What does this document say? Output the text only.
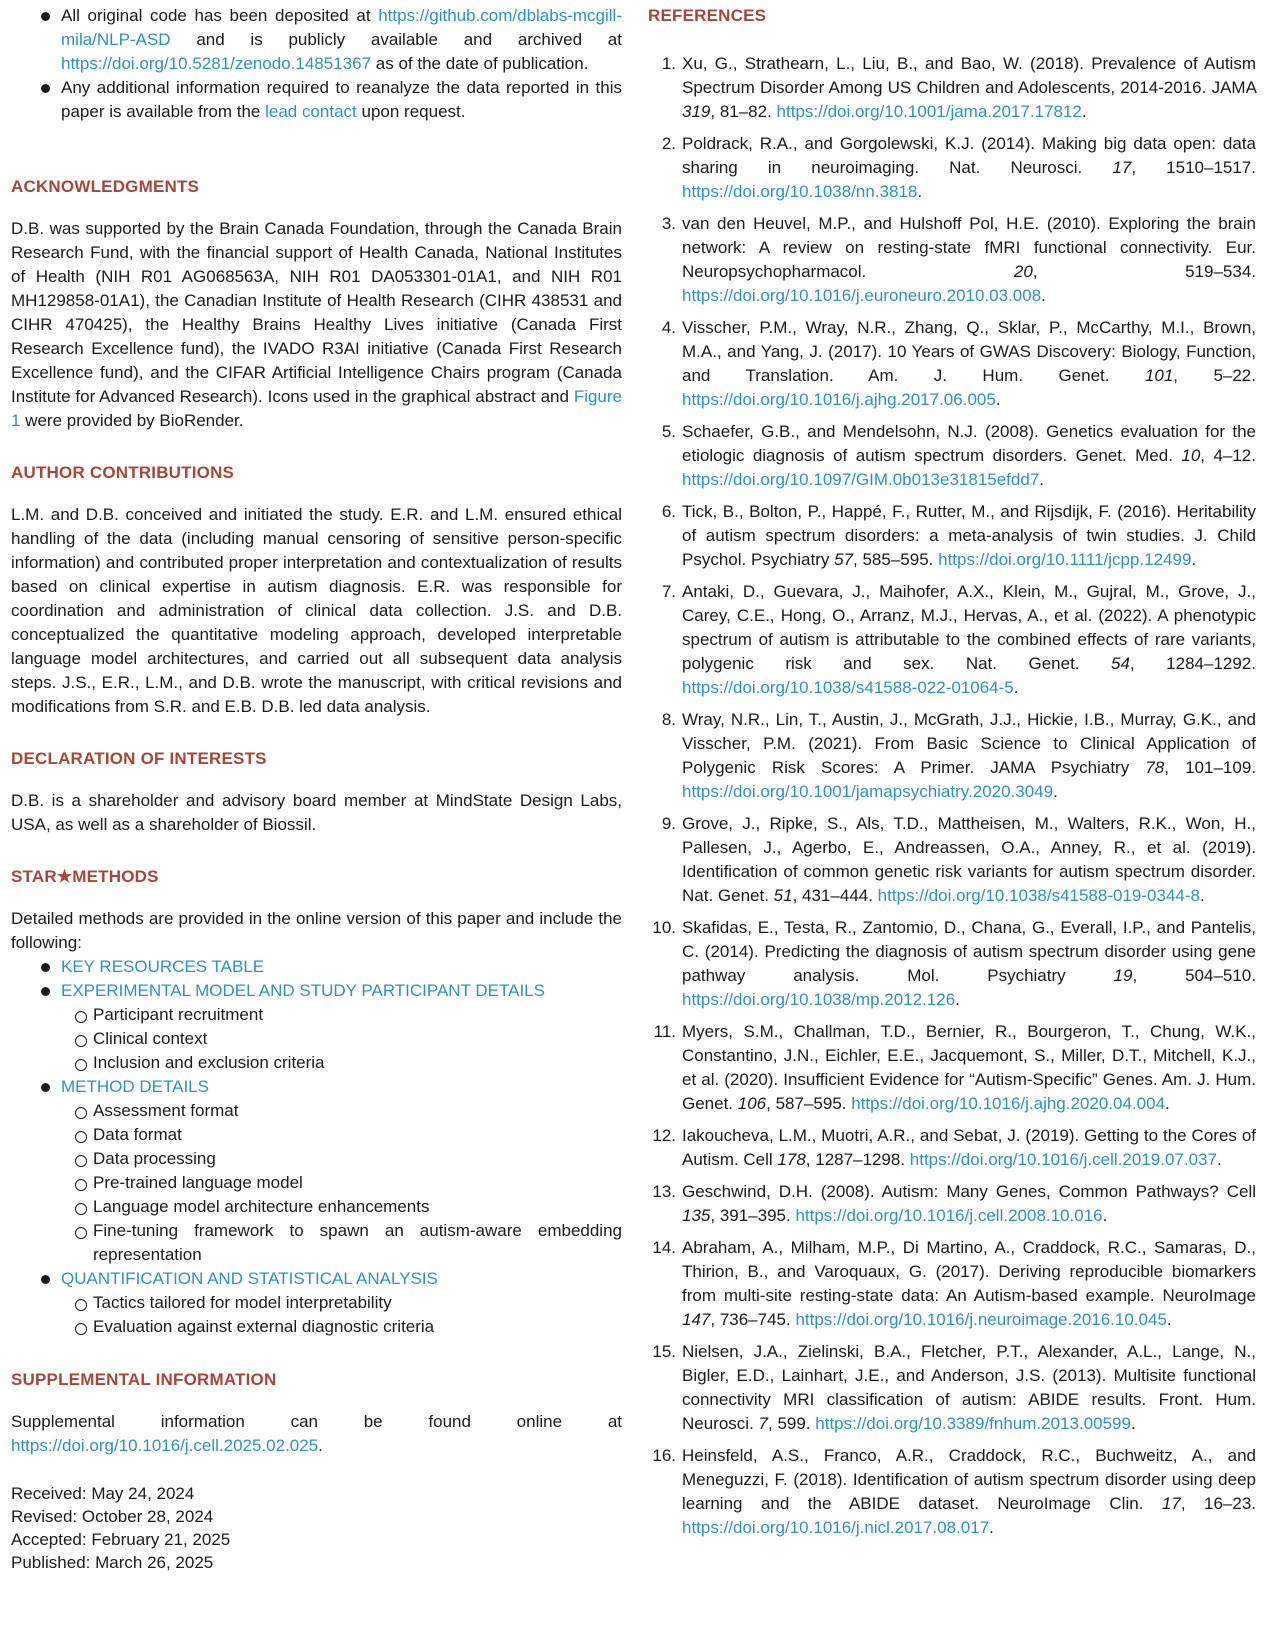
All original code has been deposited at https://github.com/dblabs-mcgill-mila/NLP-ASD and is publicly available and archived at https://doi.org/10.5281/zenodo.14851367 as of the date of publication.
Any additional information required to reanalyze the data reported in this paper is available from the lead contact upon request.
ACKNOWLEDGMENTS

D.B. was supported by the Brain Canada Foundation, through the Canada Brain Research Fund, with the financial support of Health Canada, National Institutes of Health (NIH R01 AG068563A, NIH R01 DA053301-01A1, and NIH R01 MH129858-01A1), the Canadian Institute of Health Research (CIHR 438531 and CIHR 470425), the Healthy Brains Healthy Lives initiative (Canada First Research Excellence fund), the IVADO R3AI initiative (Canada First Research Excellence fund), and the CIFAR Artificial Intelligence Chairs program (Canada Institute for Advanced Research). Icons used in the graphical abstract and Figure 1 were provided by BioRender.

AUTHOR CONTRIBUTIONS

L.M. and D.B. conceived and initiated the study. E.R. and L.M. ensured ethical handling of the data (including manual censoring of sensitive person-specific information) and contributed proper interpretation and contextualization of results based on clinical expertise in autism diagnosis. E.R. was responsible for coordination and administration of clinical data collection. J.S. and D.B. conceptualized the quantitative modeling approach, developed interpretable language model architectures, and carried out all subsequent data analysis steps. J.S., E.R., L.M., and D.B. wrote the manuscript, with critical revisions and modifications from S.R. and E.B. D.B. led data analysis.

DECLARATION OF INTERESTS

D.B. is a shareholder and advisory board member at MindState Design Labs, USA, as well as a shareholder of Biossil.

STAR★METHODS

Detailed methods are provided in the online version of this paper and include the following:

KEY RESOURCES TABLE
EXPERIMENTAL MODEL AND STUDY PARTICIPANT DETAILS
Participant recruitment
Clinical context
Inclusion and exclusion criteria
METHOD DETAILS
Assessment format
Data format
Data processing
Pre-trained language model
Language model architecture enhancements
Fine-tuning framework to spawn an autism-aware embedding representation
QUANTIFICATION AND STATISTICAL ANALYSIS
Tactics tailored for model interpretability
Evaluation against external diagnostic criteria
SUPPLEMENTAL INFORMATION

Supplemental information can be found online at https://doi.org/10.1016/j.cell.2025.02.025.

Received: May 24, 2024
Revised: October 28, 2024
Accepted: February 21, 2025
Published: March 26, 2025
REFERENCES
1. Xu, G., Strathearn, L., Liu, B., and Bao, W. (2018). Prevalence of Autism Spectrum Disorder Among US Children and Adolescents, 2014-2016. JAMA 319, 81–82. https://doi.org/10.1001/jama.2017.17812.
2. Poldrack, R.A., and Gorgolewski, K.J. (2014). Making big data open: data sharing in neuroimaging. Nat. Neurosci. 17, 1510–1517. https://doi.org/10.1038/nn.3818.
3. van den Heuvel, M.P., and Hulshoff Pol, H.E. (2010). Exploring the brain network: A review on resting-state fMRI functional connectivity. Eur. Neuropsychopharmacol. 20, 519–534. https://doi.org/10.1016/j.euroneuro.2010.03.008.
4. Visscher, P.M., Wray, N.R., Zhang, Q., Sklar, P., McCarthy, M.I., Brown, M.A., and Yang, J. (2017). 10 Years of GWAS Discovery: Biology, Function, and Translation. Am. J. Hum. Genet. 101, 5–22. https://doi.org/10.1016/j.ajhg.2017.06.005.
5. Schaefer, G.B., and Mendelsohn, N.J. (2008). Genetics evaluation for the etiologic diagnosis of autism spectrum disorders. Genet. Med. 10, 4–12. https://doi.org/10.1097/GIM.0b013e31815efdd7.
6. Tick, B., Bolton, P., Happé, F., Rutter, M., and Rijsdijk, F. (2016). Heritability of autism spectrum disorders: a meta-analysis of twin studies. J. Child Psychol. Psychiatry 57, 585–595. https://doi.org/10.1111/jcpp.12499.
7. Antaki, D., Guevara, J., Maihofer, A.X., Klein, M., Gujral, M., Grove, J., Carey, C.E., Hong, O., Arranz, M.J., Hervas, A., et al. (2022). A phenotypic spectrum of autism is attributable to the combined effects of rare variants, polygenic risk and sex. Nat. Genet. 54, 1284–1292. https://doi.org/10.1038/s41588-022-01064-5.
8. Wray, N.R., Lin, T., Austin, J., McGrath, J.J., Hickie, I.B., Murray, G.K., and Visscher, P.M. (2021). From Basic Science to Clinical Application of Polygenic Risk Scores: A Primer. JAMA Psychiatry 78, 101–109. https://doi.org/10.1001/jamapsychiatry.2020.3049.
9. Grove, J., Ripke, S., Als, T.D., Mattheisen, M., Walters, R.K., Won, H., Pallesen, J., Agerbo, E., Andreassen, O.A., Anney, R., et al. (2019). Identification of common genetic risk variants for autism spectrum disorder. Nat. Genet. 51, 431–444. https://doi.org/10.1038/s41588-019-0344-8.
10. Skafidas, E., Testa, R., Zantomio, D., Chana, G., Everall, I.P., and Pantelis, C. (2014). Predicting the diagnosis of autism spectrum disorder using gene pathway analysis. Mol. Psychiatry 19, 504–510. https://doi.org/10.1038/mp.2012.126.
11. Myers, S.M., Challman, T.D., Bernier, R., Bourgeron, T., Chung, W.K., Constantino, J.N., Eichler, E.E., Jacquemont, S., Miller, D.T., Mitchell, K.J., et al. (2020). Insufficient Evidence for “Autism-Specific” Genes. Am. J. Hum. Genet. 106, 587–595. https://doi.org/10.1016/j.ajhg.2020.04.004.
12. Iakoucheva, L.M., Muotri, A.R., and Sebat, J. (2019). Getting to the Cores of Autism. Cell 178, 1287–1298. https://doi.org/10.1016/j.cell.2019.07.037.
13. Geschwind, D.H. (2008). Autism: Many Genes, Common Pathways? Cell 135, 391–395. https://doi.org/10.1016/j.cell.2008.10.016.
14. Abraham, A., Milham, M.P., Di Martino, A., Craddock, R.C., Samaras, D., Thirion, B., and Varoquaux, G. (2017). Deriving reproducible biomarkers from multi-site resting-state data: An Autism-based example. NeuroImage 147, 736–745. https://doi.org/10.1016/j.neuroimage.2016.10.045.
15. Nielsen, J.A., Zielinski, B.A., Fletcher, P.T., Alexander, A.L., Lange, N., Bigler, E.D., Lainhart, J.E., and Anderson, J.S. (2013). Multisite functional connectivity MRI classification of autism: ABIDE results. Front. Hum. Neurosci. 7, 599. https://doi.org/10.3389/fnhum.2013.00599.
16. Heinsfeld, A.S., Franco, A.R., Craddock, R.C., Buchweitz, A., and Meneguzzi, F. (2018). Identification of autism spectrum disorder using deep learning and the ABIDE dataset. NeuroImage Clin. 17, 16–23. https://doi.org/10.1016/j.nicl.2017.08.017.
